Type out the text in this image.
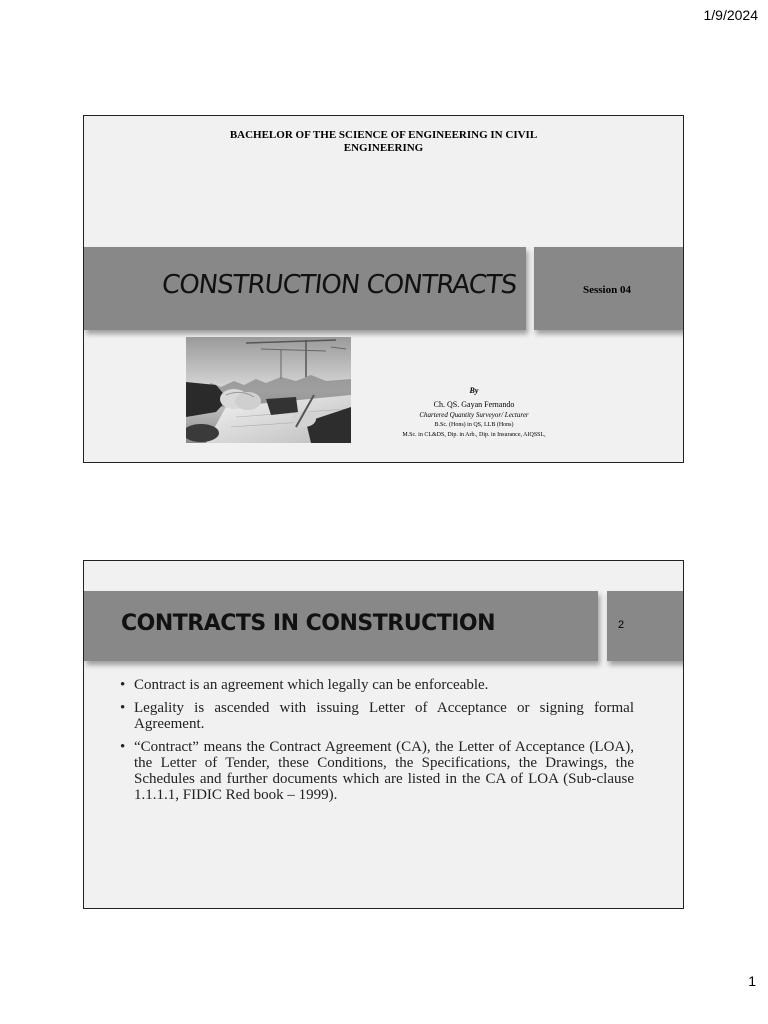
1/9/2024
BACHELOR OF THE SCIENCE OF ENGINEERING IN CIVIL ENGINEERING
CONSTRUCTION CONTRACTS	Session 04
By
Ch. QS. Gayan Fernando
Chartered Quantity Surveyor/ Lecturer
B.Sc. (Hons) in QS, LLB (Hons)
M.Sc. in CL&DS, Dip. in Arb., Dip. in Insurance, AIQSSL,
CONTRACTS IN CONSTRUCTION	2
• Contract is an agreement which legally can be enforceable.
• Legality is ascended with issuing Letter of Acceptance or signing formal Agreement.
• “Contract” means the Contract Agreement (CA), the Letter of Acceptance (LOA), the Letter of Tender, these Conditions, the Specifications, the Drawings, the Schedules and further documents which are listed in the CA of LOA (Sub-clause 1.1.1.1, FIDIC Red book – 1999).
1
